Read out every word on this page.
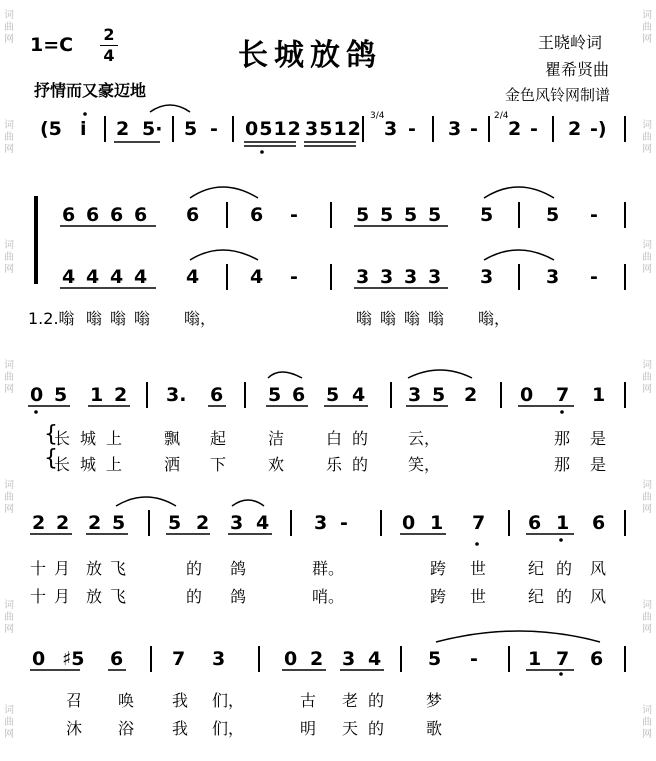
词
曲
网
词
曲
网
词
曲
网
词
曲
网
词
曲
网
词
曲
网
词
曲
网
词
曲
网
词
曲
网
词
曲
网
词
曲
网
词
曲
网
词
曲
网
词
曲
网
1=C 2
4	长城放鸽	王晓岭词
瞿希贤曲
金色风铃网制谱
抒情而又豪迈地
(5 i 2 5· 5 - 0512 3512 3 - 3 - 2 - 2 -)
3/4	2/4
6 6 6 6 6	6 -	5 5 5 5 5	5 -
4 4 4 4 4	4 -	3 3 3 3 3	3 -
1.2.嗡 嗡 嗡 嗡 嗡，	嗡 嗡 嗡 嗡 嗡，
0 5 1 2 3. 6 5 6 5 4 3 5 2 0 7 1
{
长 城 上	飘 起	洁	白 的 云，	那 是
{
长 城 上	洒 下	欢	乐 的 笑，	那 是
2 2 2 5 5 2 3 4 3 -	0 1 7 6 1 6
十 月 放 飞	的 鸽	群。	跨 世	纪 的 风
十 月 放 飞	的 鸽	哨。	跨 世	纪 的 风
0 ♯5 6	7 3	0 2 3 4 5 -	1 7 6
召 唤 我 们，	古 老 的	梦
沐 浴 我 们，	明 天 的	歌
